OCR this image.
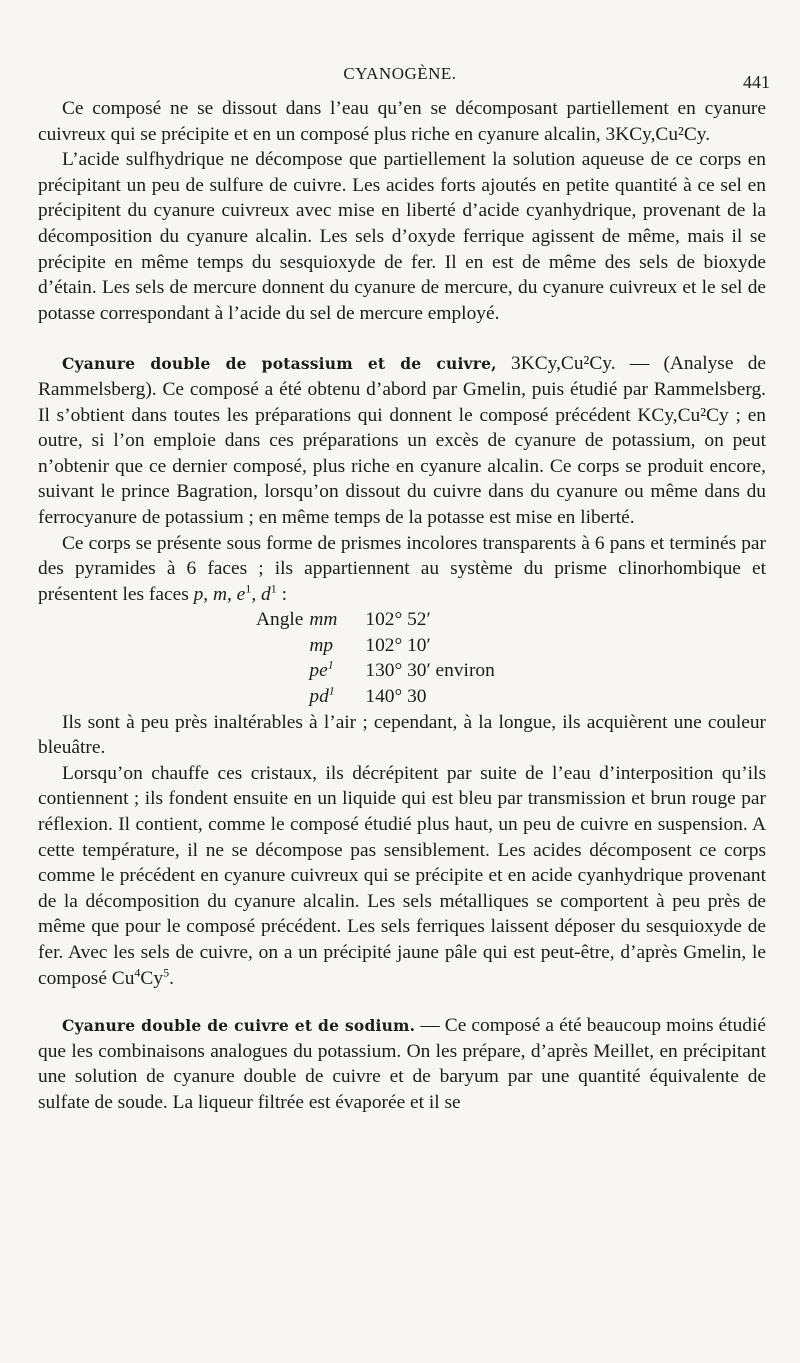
CYANOGÈNE.	441

Ce composé ne se dissout dans l’eau qu’en se décomposant partiellement en cyanure cuivreux qui se précipite et en un composé plus riche en cyanure alcalin, 3KCy,Cu²Cy.

L’acide sulfhydrique ne décompose que partiellement la solution aqueuse de ce corps en précipitant un peu de sulfure de cuivre. Les acides forts ajoutés en petite quantité à ce sel en précipitent du cyanure cuivreux avec mise en liberté d’acide cyanhydrique, provenant de la décomposition du cyanure alcalin. Les sels d’oxyde ferrique agissent de même, mais il se précipite en même temps du sesquioxyde de fer. Il en est de même des sels de bioxyde d’étain. Les sels de mercure donnent du cyanure de mercure, du cyanure cuivreux et le sel de potasse correspondant à l’acide du sel de mercure employé.

Cyanure double de potassium et de cuivre, 3KCy,Cu²Cy. — (Analyse de Rammelsberg). Ce composé a été obtenu d’abord par Gmelin, puis étudié par Rammelsberg. Il s’obtient dans toutes les préparations qui donnent le composé précédent KCy,Cu²Cy ; en outre, si l’on emploie dans ces préparations un excès de cyanure de potassium, on peut n’obtenir que ce dernier composé, plus riche en cyanure alcalin. Ce corps se produit encore, suivant le prince Bagration, lorsqu’on dissout du cuivre dans du cyanure ou même dans du ferrocyanure de potassium ; en même temps de la potasse est mise en liberté.

Ce corps se présente sous forme de prismes incolores transparents à 6 pans et terminés par des pyramides à 6 faces ; ils appartiennent au système du prisme clinorhombique et présentent les faces p, m, $e^1$, $d^1$ :

Angle	mm	102° 52′
	mp	102° 10′
	$pe^1$	130° 30′ environ
	$pd^1$	140° 30

Ils sont à peu près inaltérables à l’air ; cependant, à la longue, ils acquièrent une couleur bleuâtre.

Lorsqu’on chauffe ces cristaux, ils décrépitent par suite de l’eau d’interposition qu’ils contiennent ; ils fondent ensuite en un liquide qui est bleu par transmission et brun rouge par réflexion. Il contient, comme le composé étudié plus haut, un peu de cuivre en suspension. A cette température, il ne se décompose pas sensiblement. Les acides décomposent ce corps comme le précédent en cyanure cuivreux qui se précipite et en acide cyanhydrique provenant de la décomposition du cyanure alcalin. Les sels métalliques se comportent à peu près de même que pour le composé précédent. Les sels ferriques laissent déposer du sesquioxyde de fer. Avec les sels de cuivre, on a un précipité jaune pâle qui est peut-être, d’après Gmelin, le composé Cu$^4$Cy$^5$.

Cyanure double de cuivre et de sodium. — Ce composé a été beaucoup moins étudié que les combinaisons analogues du potassium. On les prépare, d’après Meillet, en précipitant une solution de cyanure double de cuivre et de baryum par une quantité équivalente de sulfate de soude. La liqueur filtrée est évaporée et il se
